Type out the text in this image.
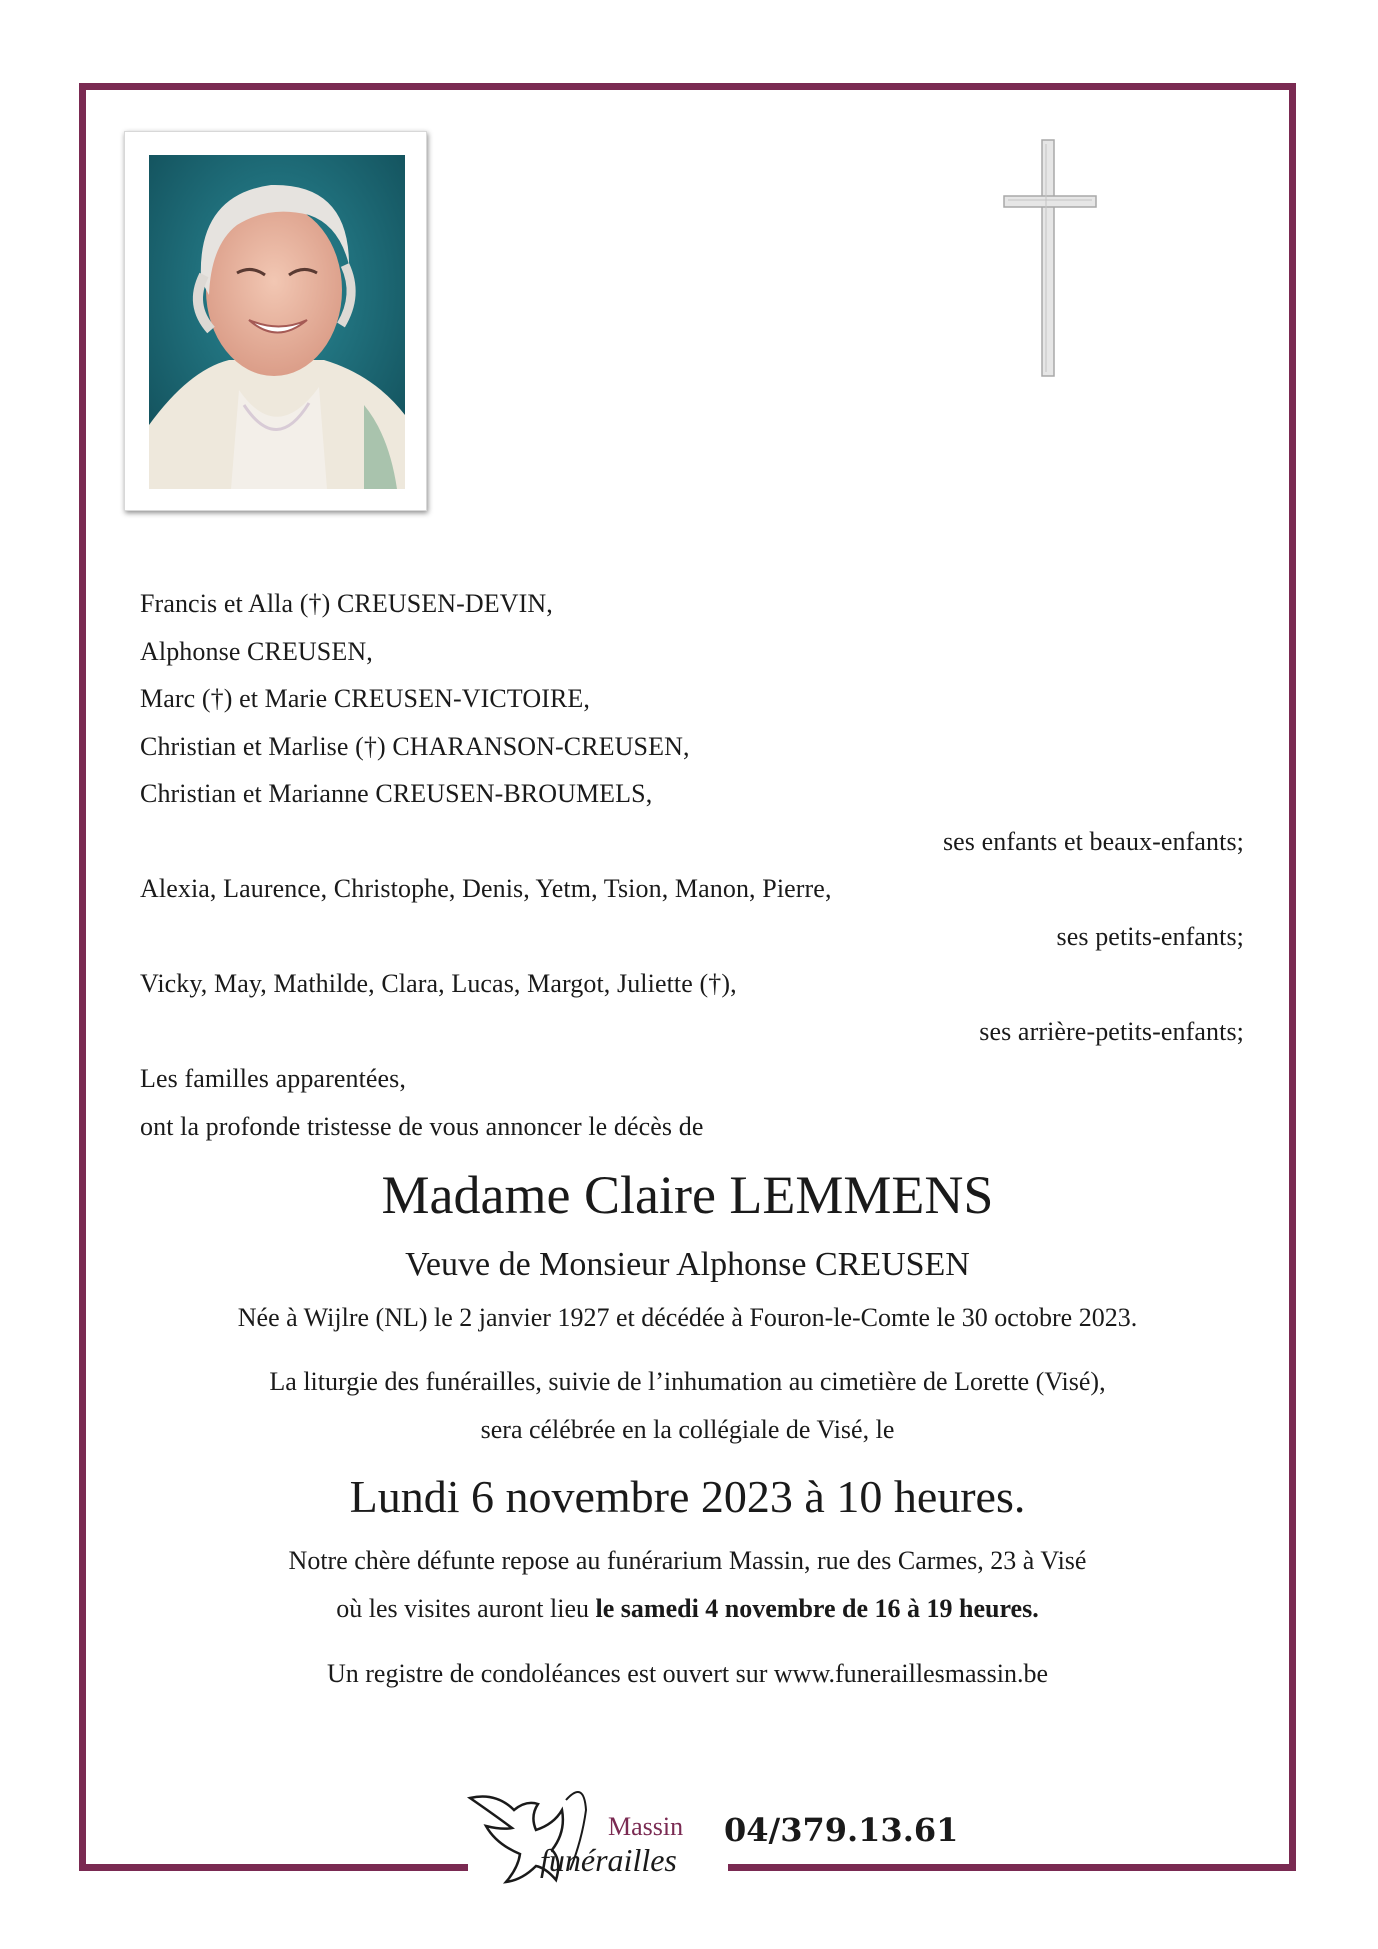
Francis et Alla (†) CREUSEN-DEVIN,
Alphonse CREUSEN,
Marc (†) et Marie CREUSEN-VICTOIRE,
Christian et Marlise (†) CHARANSON-CREUSEN,
Christian et Marianne CREUSEN-BROUMELS,
ses enfants et beaux-enfants;
Alexia, Laurence, Christophe, Denis, Yetm, Tsion, Manon, Pierre,
ses petits-enfants;
Vicky, May, Mathilde, Clara, Lucas, Margot, Juliette (†),
ses arrière-petits-enfants;
Les familles apparentées,
ont la profonde tristesse de vous annoncer le décès de
Madame Claire LEMMENS
Veuve de Monsieur Alphonse CREUSEN
Née à Wijlre (NL) le 2 janvier 1927 et décédée à Fouron-le-Comte le 30 octobre 2023.
La liturgie des funérailles, suivie de l’inhumation au cimetière de Lorette (Visé),
sera célébrée en la collégiale de Visé, le
Lundi 6 novembre 2023 à 10 heures.
Notre chère défunte repose au funérarium Massin, rue des Carmes, 23 à Visé
où les visites auront lieu le samedi 4 novembre de 16 à 19 heures.
Un registre de condoléances est ouvert sur www.funeraillesmassin.be
Massin
funérailles
04/379.13.61
